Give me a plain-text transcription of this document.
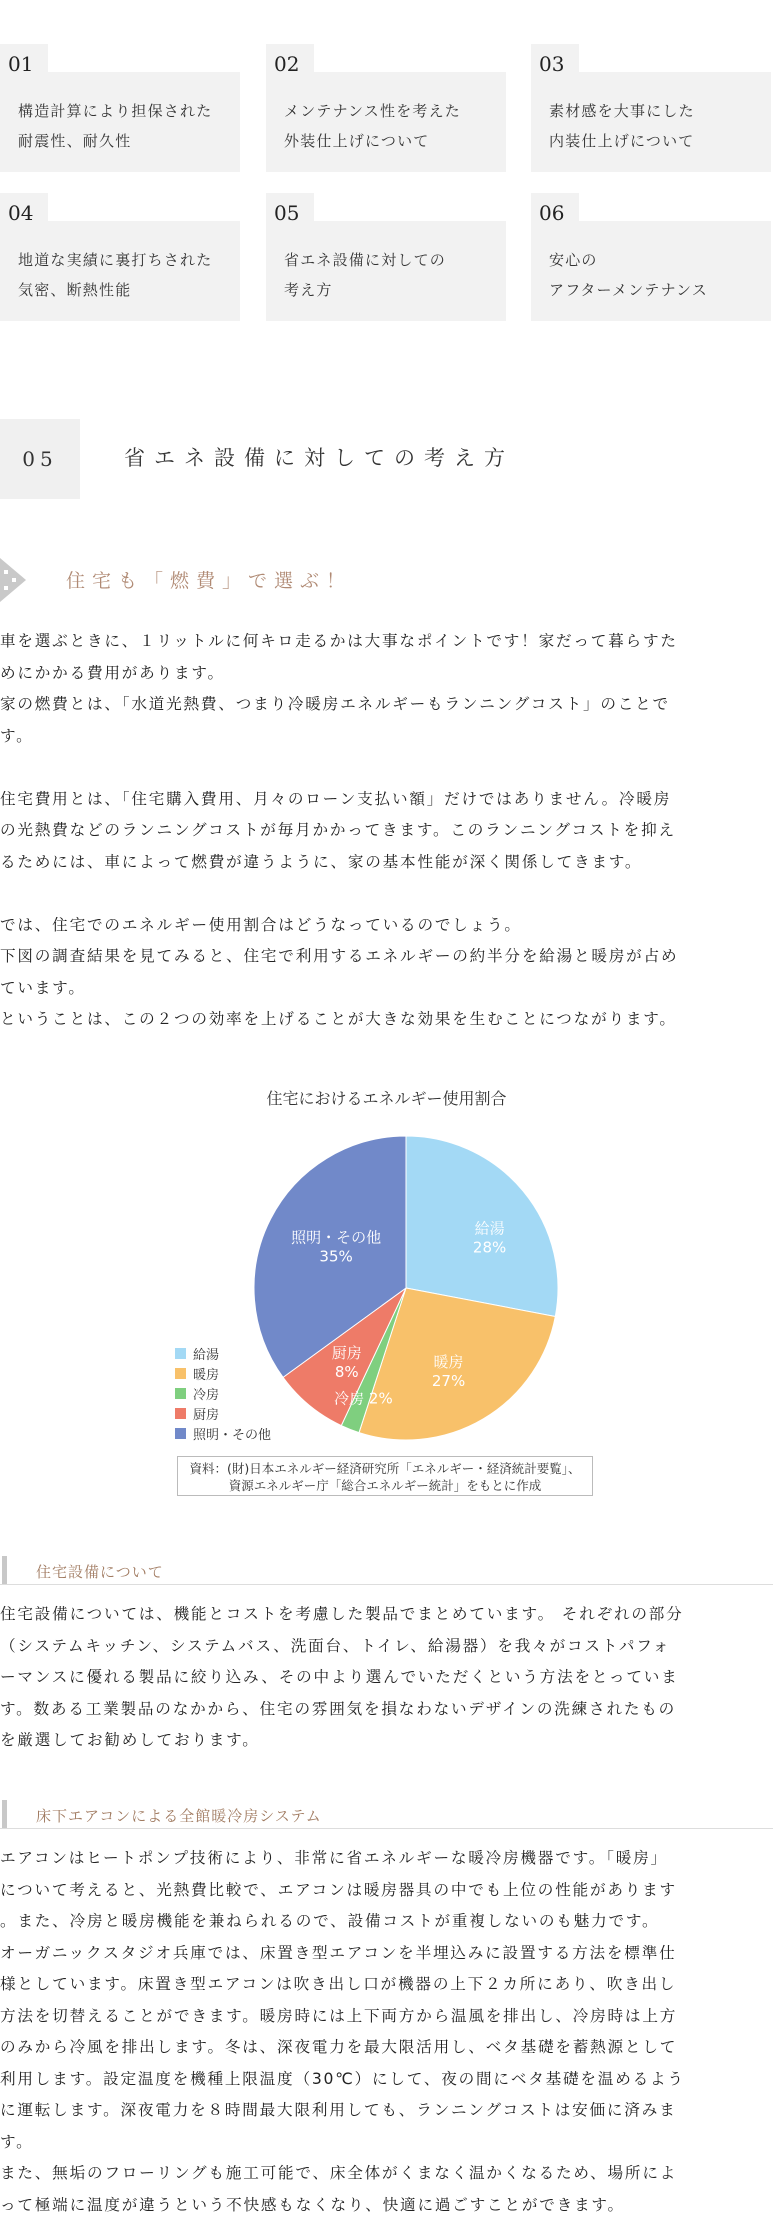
01
構造計算により担保された
耐震性、耐久性
02
メンテナンス性を考えた
外装仕上げについて
03
素材感を大事にした
内装仕上げについて
04
地道な実績に裏打ちされた
気密、断熱性能
05
省エネ設備に対しての
考え方
06
安心の
アフターメンテナンス
05	省エネ設備に対しての考え方
住宅も「燃費」で選ぶ！

車を選ぶときに、１リットルに何キロ走るかは大事なポイントです！家だって暮らすた

めにかかる費用があります。

家の燃費とは、「水道光熱費、つまり冷暖房エネルギーもランニングコスト」のことで

す。

住宅費用とは、「住宅購入費用、月々のローン支払い額」だけではありません。冷暖房

の光熱費などのランニングコストが毎月かかってきます。このランニングコストを抑え

るためには、車によって燃費が違うように、家の基本性能が深く関係してきます。

では、住宅でのエネルギー使用割合はどうなっているのでしょう。

下図の調査結果を見てみると、住宅で利用するエネルギーの約半分を給湯と暖房が占め

ています。

ということは、この２つの効率を上げることが大きな効果を生むことにつながります。

住宅におけるエネルギー使用割合
給湯
28%
暖房
27%
冷房 2%
厨房
8%
照明・その他
35%
給湯
暖房
冷房
厨房
照明・その他
資料：(財)日本エネルギー経済研究所「エネルギー・経済統計要覧」、
資源エネルギー庁「総合エネルギー統計」をもとに作成
住宅設備について

住宅設備については、機能とコストを考慮した製品でまとめています。 それぞれの部分

（システムキッチン、システムバス、洗面台、トイレ、給湯器）を我々がコストパフォ

ーマンスに優れる製品に絞り込み、その中より選んでいただくという方法をとっていま

す。数ある工業製品のなかから、住宅の雰囲気を損なわないデザインの洗練されたもの

を厳選してお勧めしております。

床下エアコンによる全館暖冷房システム

エアコンはヒートポンプ技術により、非常に省エネルギーな暖冷房機器です。「暖房」

について考えると、光熱費比較で、エアコンは暖房器具の中でも上位の性能があります

。また、冷房と暖房機能を兼ねられるので、設備コストが重複しないのも魅力です。

オーガニックスタジオ兵庫では、床置き型エアコンを半埋込みに設置する方法を標準仕

様としています。床置き型エアコンは吹き出し口が機器の上下２カ所にあり、吹き出し

方法を切替えることができます。暖房時には上下両方から温風を排出し、冷房時は上方

のみから冷風を排出します。冬は、深夜電力を最大限活用し、ベタ基礎を蓄熱源として

利用します。設定温度を機種上限温度（30℃）にして、夜の間にベタ基礎を温めるよう

に運転します。深夜電力を８時間最大限利用しても、ランニングコストは安価に済みま

す。

また、無垢のフローリングも施工可能で、床全体がくまなく温かくなるため、場所によ

って極端に温度が違うという不快感もなくなり、快適に過ごすことができます。
